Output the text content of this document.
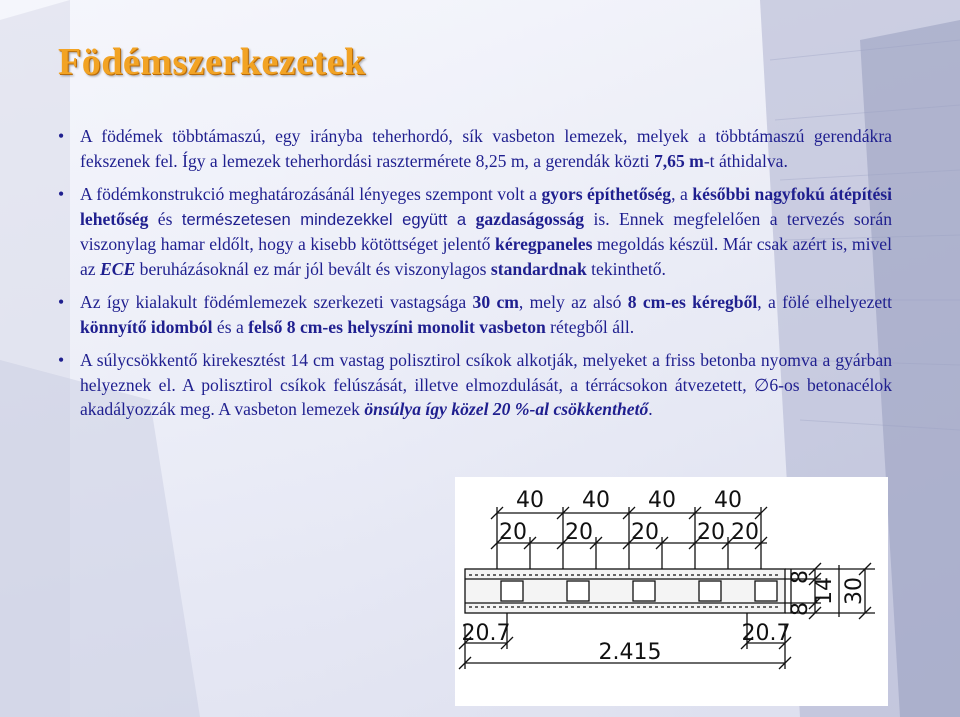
Födémszerkezetek
• A födémek többtámaszú, egy irányba teherhordó, sík vasbeton lemezek, melyek a többtámaszú gerendákra fekszenek fel. Így a lemezek teherhordási rasztermérete 8,25 m, a gerendák közti 7,65 m-t áthidalva.
• A födémkonstrukció meghatározásánál lényeges szempont volt a gyors építhetőség, a későbbi nagyfokú átépítési lehetőség és természetesen mindezekkel együtt a gazdaságosság is. Ennek megfelelően a tervezés során viszonylag hamar eldőlt, hogy a kisebb kötöttséget jelentő kéregpaneles megoldás készül. Már csak azért is, mivel az ECE beruházásoknál ez már jól bevált és viszonylagos standardnak tekinthető.
• Az így kialakult födémlemezek szerkezeti vastagsága 30 cm, mely az alsó 8 cm-es kéregből, a fölé elhelyezett könnyítő idomból és a felső 8 cm-es helyszíni monolit vasbeton rétegből áll.
• A súlycsökkentő kirekesztést 14 cm vastag polisztirol csíkok alkotják, melyeket a friss betonba nyomva a gyárban helyeznek el. A polisztirol csíkok felúszását, illetve elmozdulását, a térrácsokon átvezetett, ∅6-os betonacélok akadályozzák meg. A vasbeton lemezek önsúlya így közel 20 %-al csökkenthető.
40 40 40 40
20 20 20 20 20
8 14
8
30
20.7	20.7
2.415
